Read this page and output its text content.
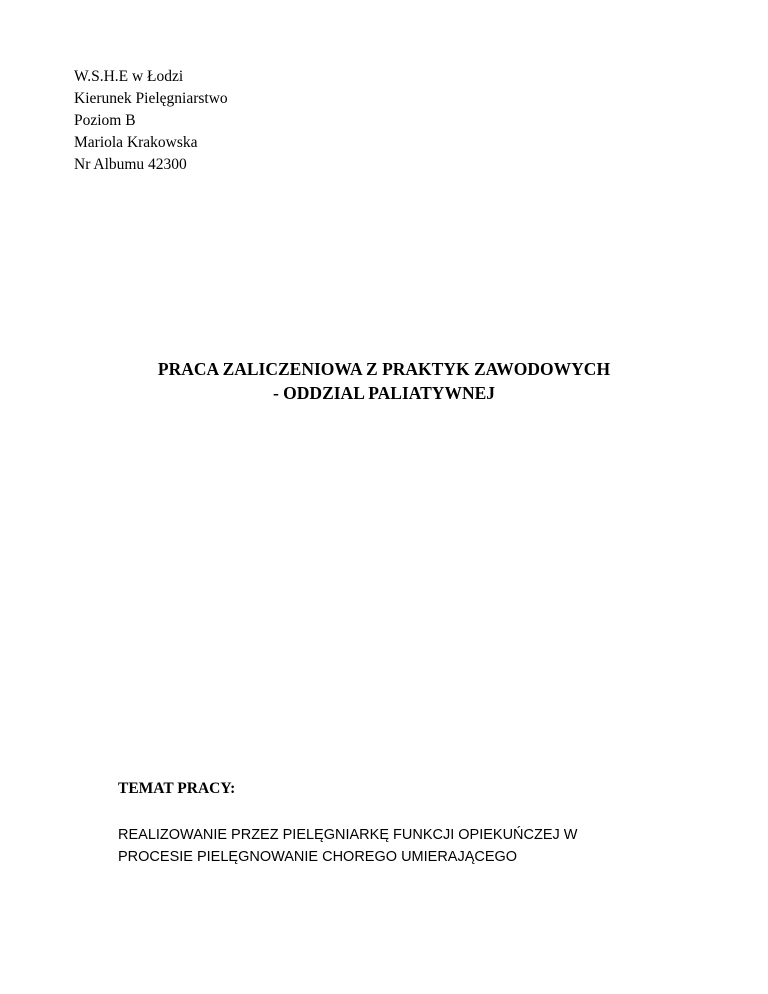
W.S.H.E w Łodzi
Kierunek Pielęgniarstwo
Poziom B
Mariola Krakowska
Nr Albumu 42300
PRACA ZALICZENIOWA Z PRAKTYK ZAWODOWYCH
- ODDZIAL PALIATYWNEJ
TEMAT PRACY:
REALIZOWANIE PRZEZ PIELĘGNIARKĘ FUNKCJI OPIEKUŃCZEJ W
PROCESIE PIELĘGNOWANIE CHOREGO UMIERAJĄCEGO
